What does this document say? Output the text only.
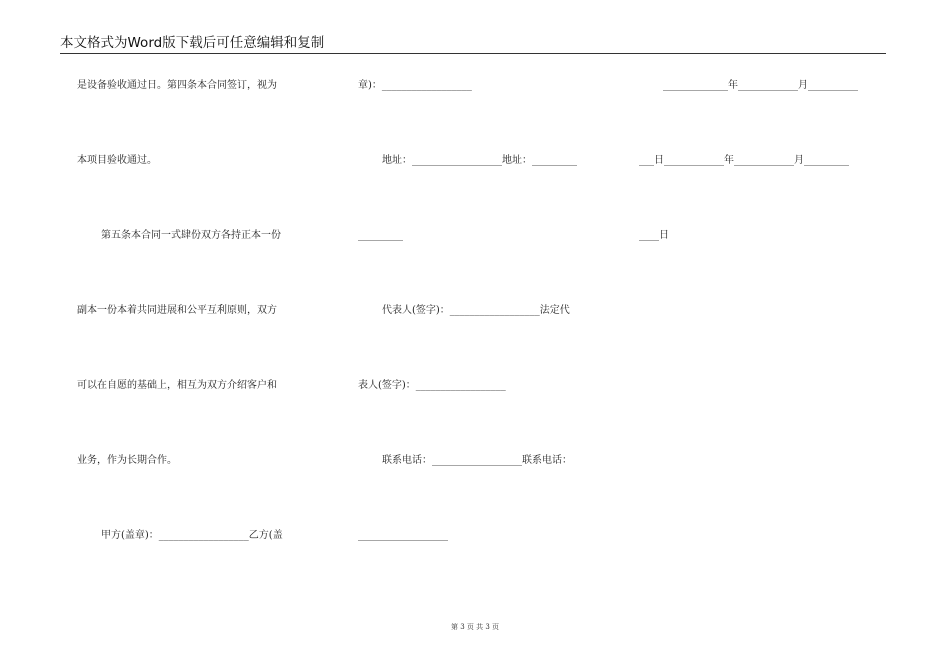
本文格式为Word版下载后可任意编辑和复制
是设备验收通过日。第四条本合同签订，视为
本项目验收通过。
第五条本合同一式肆份双方各持正本一份
副本一份本着共同进展和公平互利原则，双方
可以在自愿的基础上，相互为双方介绍客户和
业务，作为长期合作。
甲方(盖章)：__________________乙方(盖
章)：__________________
地址：__________________地址：_________
_________
代表人(签字)：__________________法定代
表人(签字)：__________________
联系电话：__________________联系电话：
__________________
_____________年____________月__________
___日____________年____________月_________
____日
第 3 页 共 3 页
